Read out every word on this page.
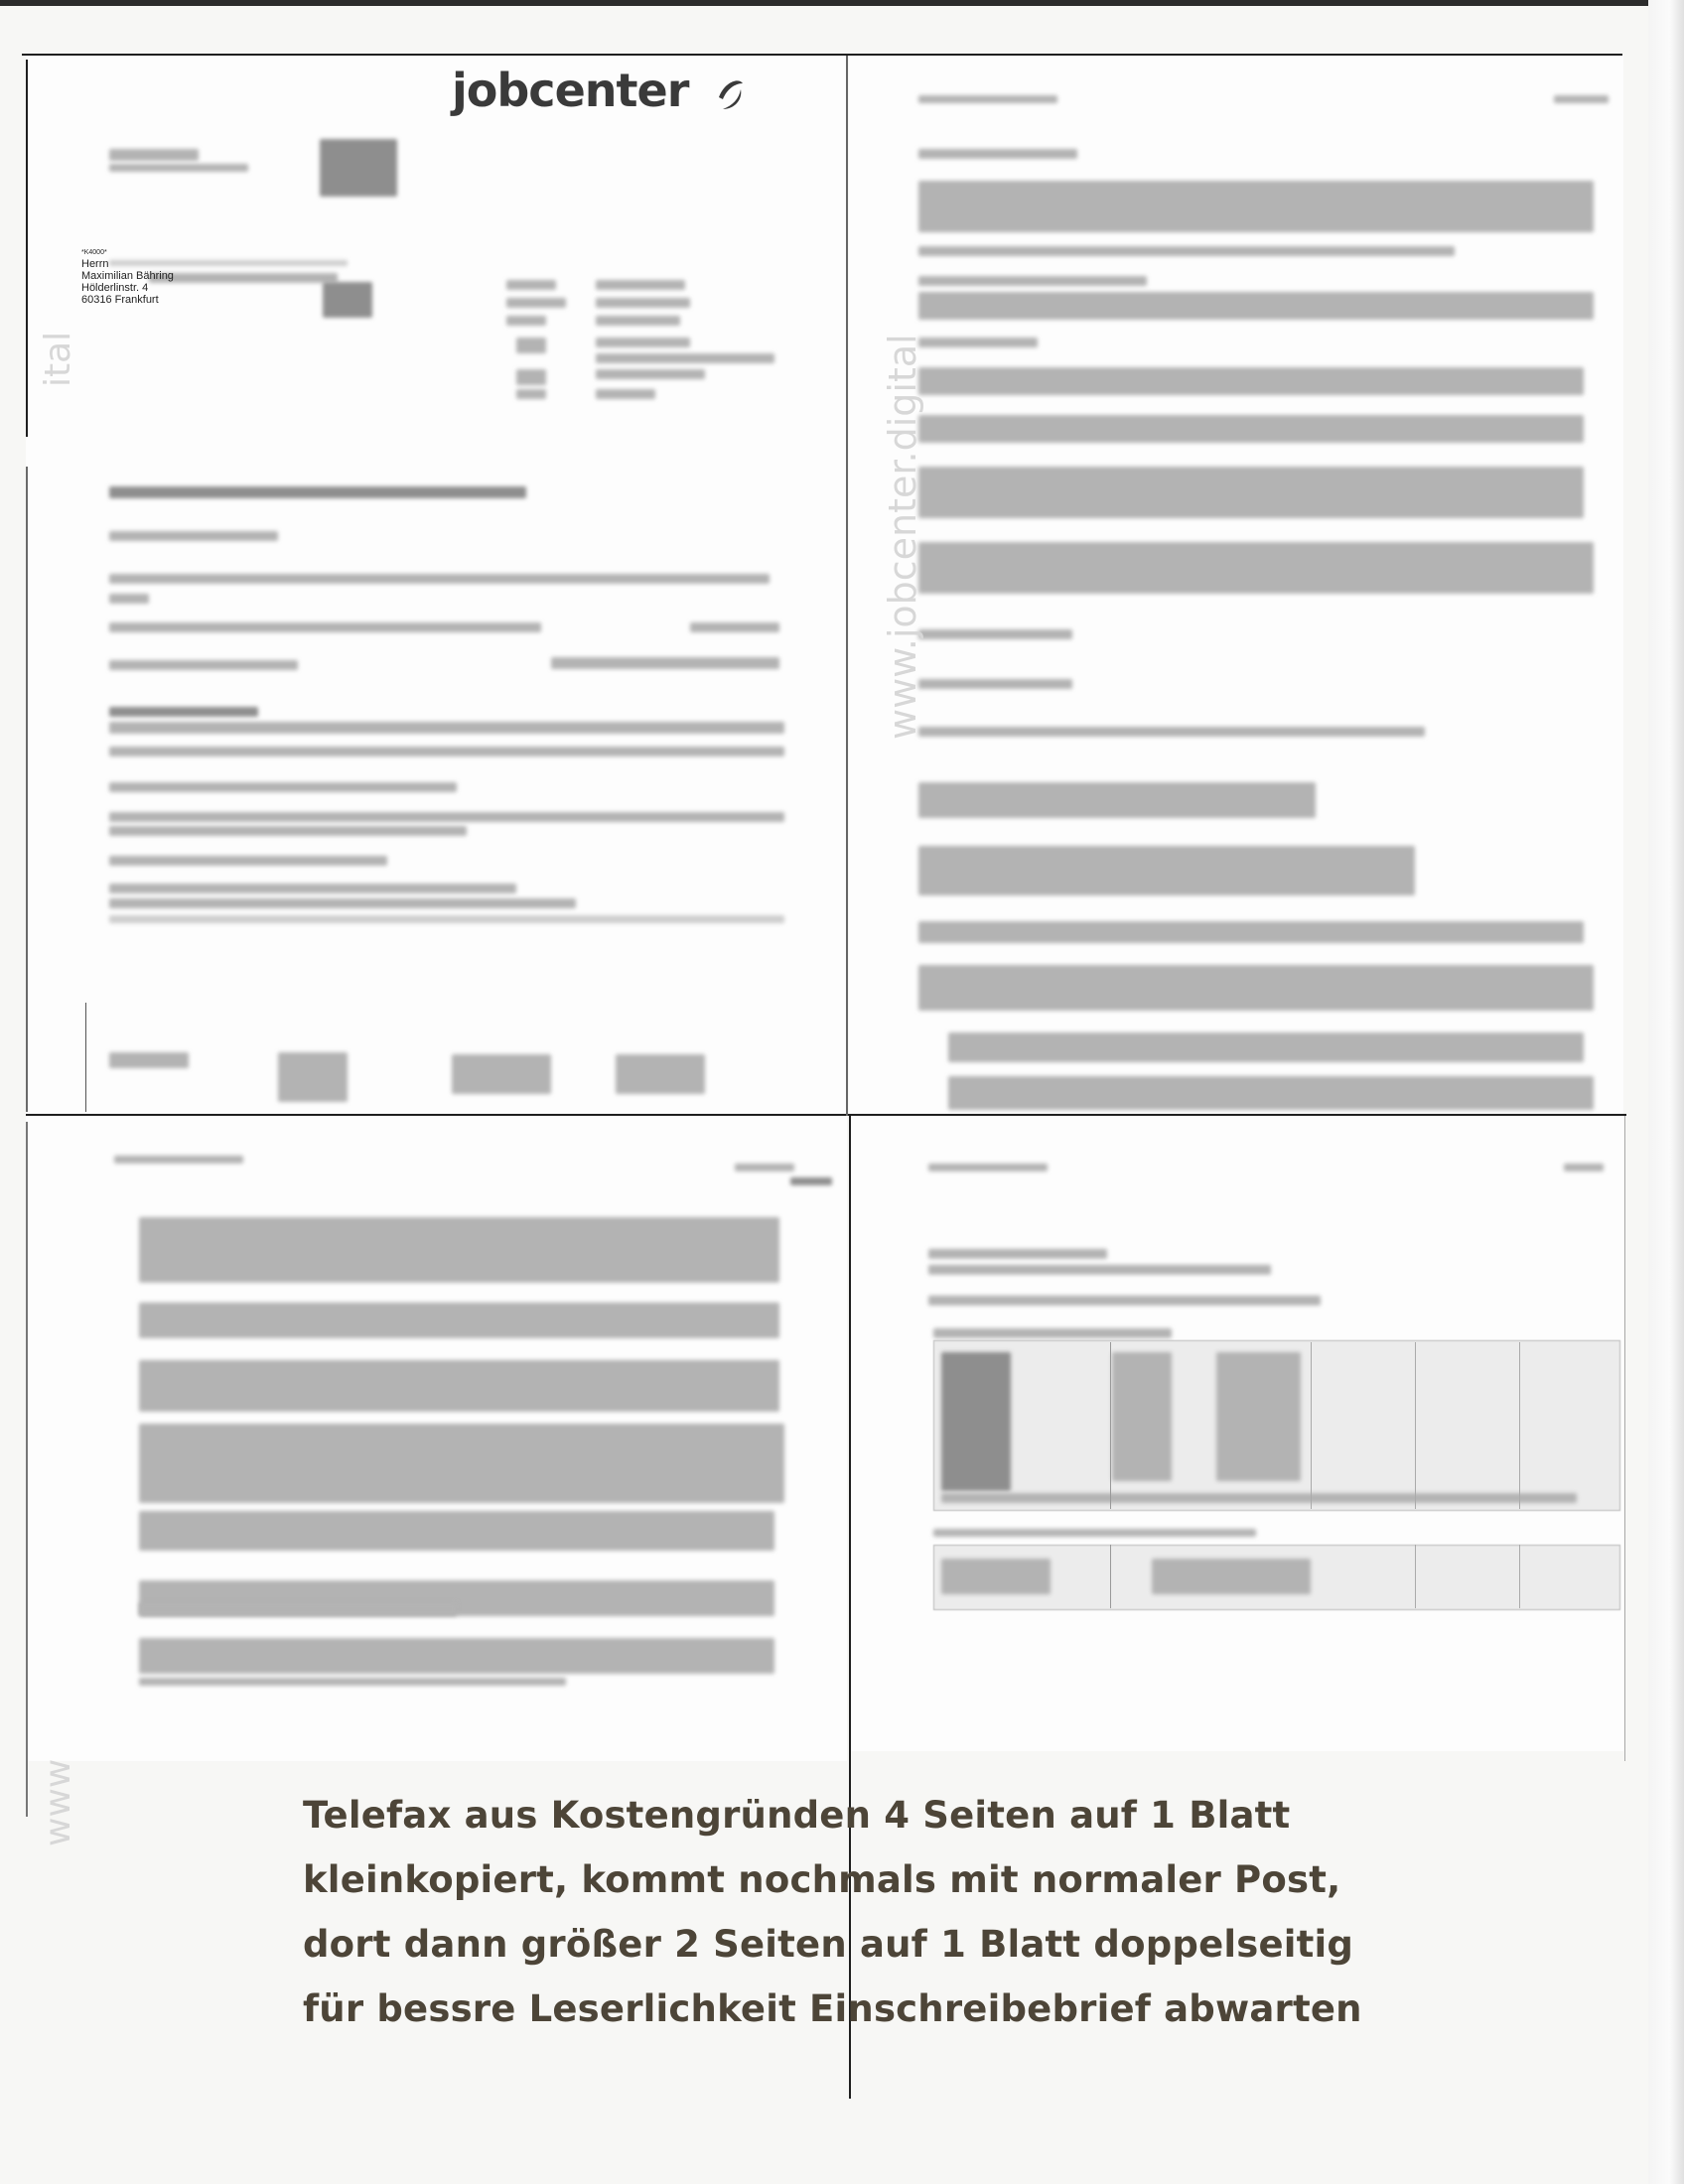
jobcenter
*K4000*
Herrn
Maximilian Bähring
Hölderlinstr. 4
60316 Frankfurt
www.jobcenter.digital
ital
www	Telefax aus Kostengründen 4 Seiten auf 1 Blatt
kleinkopiert, kommt nochmals mit normaler Post,
dort dann größer 2 Seiten auf 1 Blatt doppelseitig
für bessre Leserlichkeit Einschreibebrief abwarten
